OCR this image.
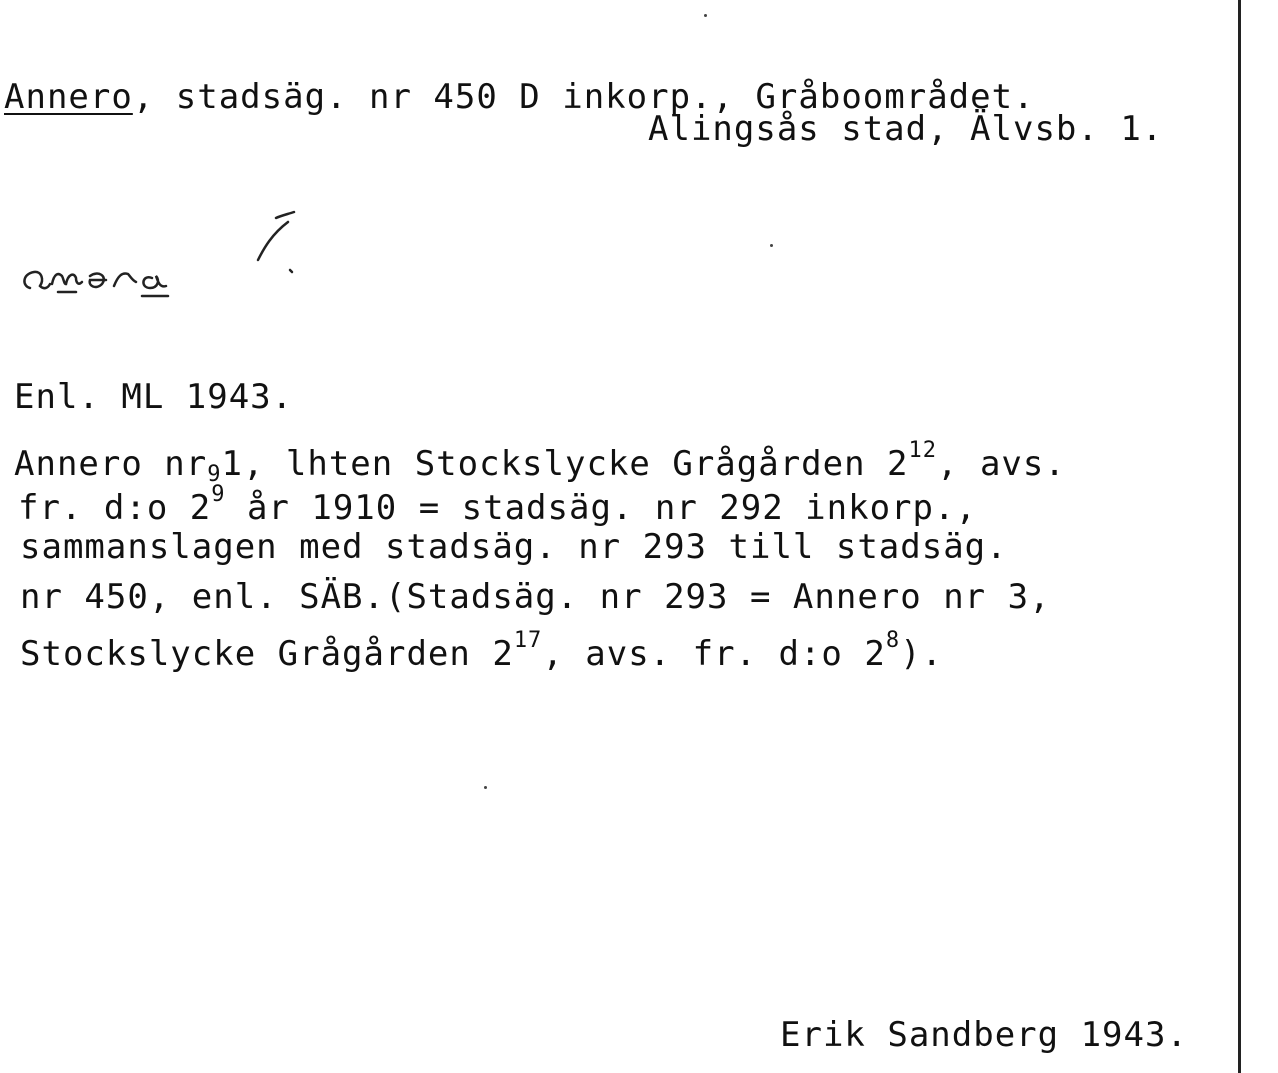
Annero, stadsäg. nr 450 D inkorp., Gråboområdet.
Alingsås stad, Älvsb. 1.
anərå
Enl. ML 1943.
Annero $nr_91$, lhten Stockslycke Grågården $2^{12}$, avs.
fr. d:o $2^9$ år 1910 = stadsäg. nr 292 inkorp.,
sammanslagen med stadsäg. nr 293 till stadsäg.
nr 450, enl. SÄB.(Stadsäg. nr 293 = Annero nr 3,
Stockslycke Grågården $2^{17}$, avs. fr. d:o $2^8$).
Erik Sandberg 1943.
